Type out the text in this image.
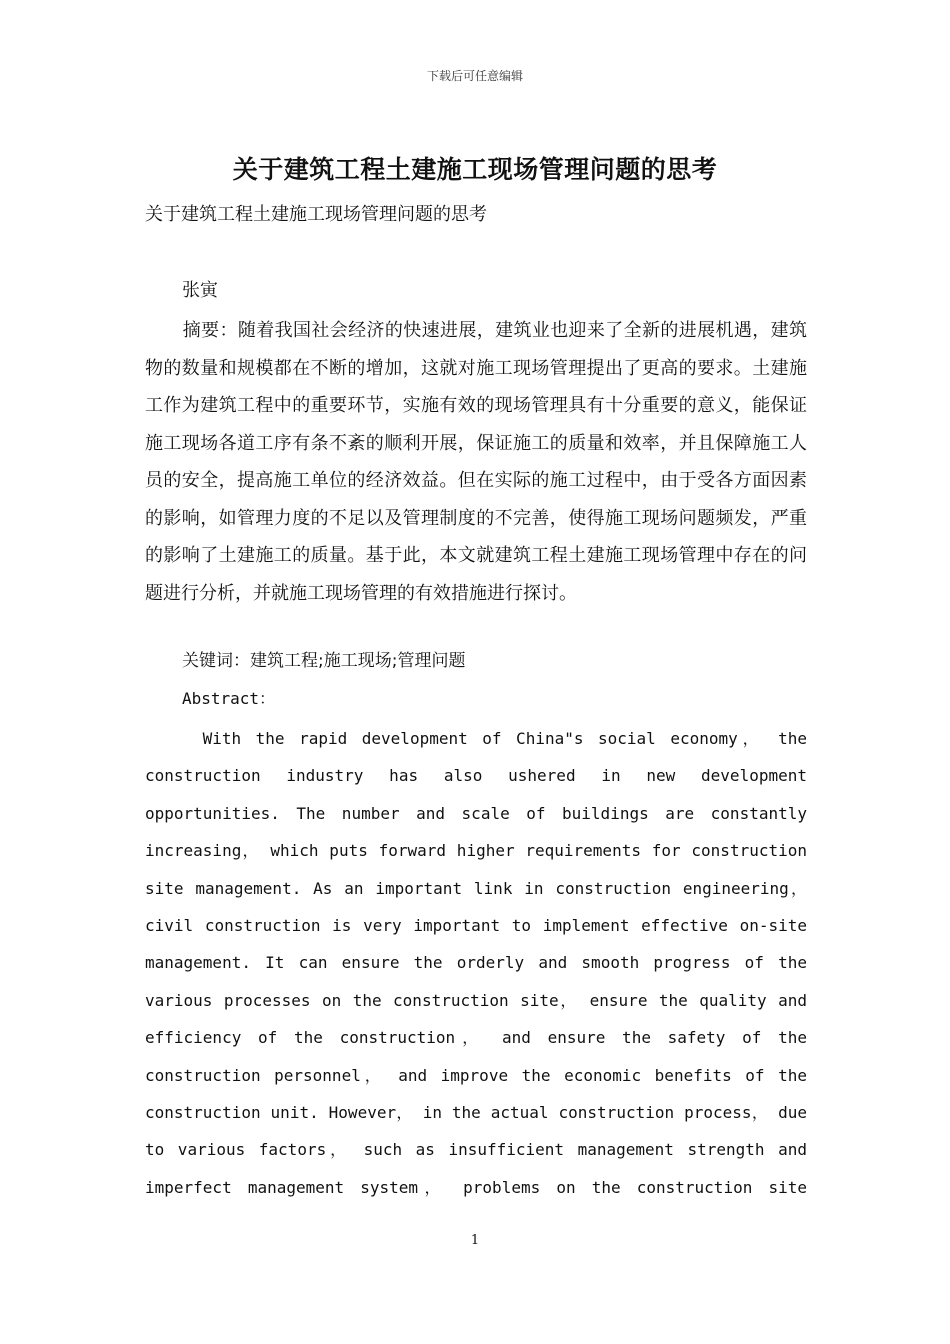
下载后可任意编辑
关于建筑工程土建施工现场管理问题的思考
关于建筑工程土建施工现场管理问题的思考
张寅
摘要：随着我国社会经济的快速进展，建筑业也迎来了全新的进展机遇，建筑物的数量和规模都在不断的增加，这就对施工现场管理提出了更高的要求。土建施工作为建筑工程中的重要环节，实施有效的现场管理具有十分重要的意义，能保证施工现场各道工序有条不紊的顺利开展，保证施工的质量和效率，并且保障施工人员的安全，提高施工单位的经济效益。但在实际的施工过程中，由于受各方面因素的影响，如管理力度的不足以及管理制度的不完善，使得施工现场问题频发，严重的影响了土建施工的质量。基于此，本文就建筑工程土建施工现场管理中存在的问题进行分析，并就施工现场管理的有效措施进行探讨。
关键词：建筑工程;施工现场;管理问题
Abstract：
With the rapid development of China"s social economy， the construction industry has also ushered in new development opportunities. The number and scale of buildings are constantly increasing， which puts forward higher requirements for construction site management. As an important link in construction engineering， civil construction is very important to implement effective on-site management. It can ensure the orderly and smooth progress of the various processes on the construction site， ensure the quality and efficiency of the construction， and ensure the safety of the construction personnel， and improve the economic benefits of the construction unit. However， in the actual construction process， due to various factors， such as insufficient management strength and imperfect management system， problems on the construction site
1
